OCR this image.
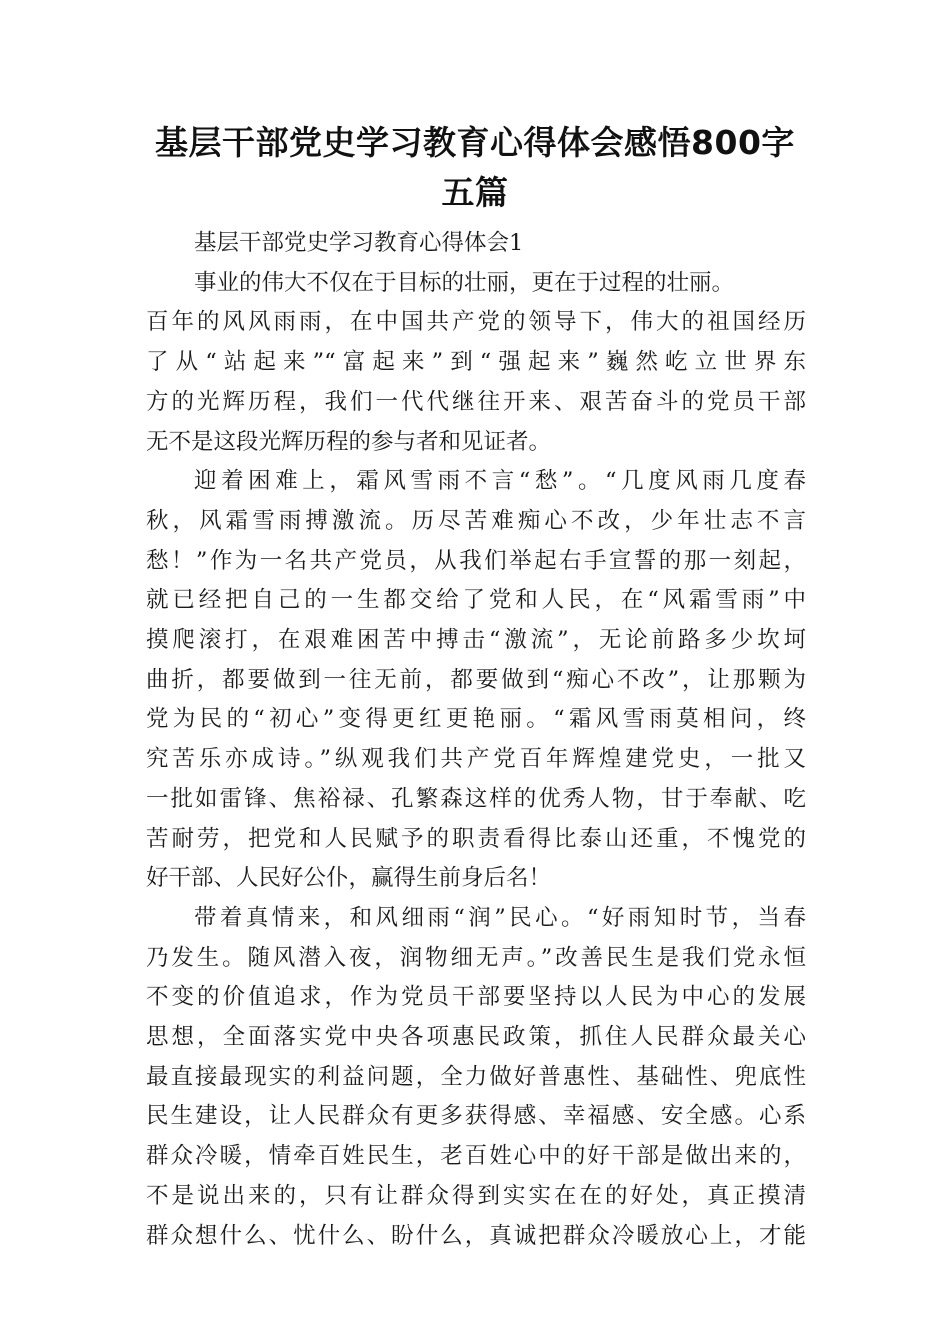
基层干部党史学习教育心得体会感悟800字
五篇
基层干部党史学习教育心得体会1
事业的伟大不仅在于目标的壮丽，更在于过程的壮丽。
百年的风风雨雨，在中国共产党的领导下，伟大的祖国经历
了从“站起来”“富起来”到“强起来”巍然屹立世界东
方的光辉历程，我们一代代继往开来、艰苦奋斗的党员干部
无不是这段光辉历程的参与者和见证者。
迎着困难上，霜风雪雨不言“愁”。“几度风雨几度春
秋，风霜雪雨搏激流。历尽苦难痴心不改，少年壮志不言
愁！”作为一名共产党员，从我们举起右手宣誓的那一刻起，
就已经把自己的一生都交给了党和人民，在“风霜雪雨”中
摸爬滚打，在艰难困苦中搏击“激流”，无论前路多少坎坷
曲折，都要做到一往无前，都要做到“痴心不改”，让那颗为
党为民的“初心”变得更红更艳丽。“霜风雪雨莫相问，终
究苦乐亦成诗。”纵观我们共产党百年辉煌建党史，一批又
一批如雷锋、焦裕禄、孔繁森这样的优秀人物，甘于奉献、吃
苦耐劳，把党和人民赋予的职责看得比泰山还重，不愧党的
好干部、人民好公仆，赢得生前身后名！
带着真情来，和风细雨“润”民心。“好雨知时节，当春
乃发生。随风潜入夜，润物细无声。”改善民生是我们党永恒
不变的价值追求，作为党员干部要坚持以人民为中心的发展
思想，全面落实党中央各项惠民政策，抓住人民群众最关心
最直接最现实的利益问题，全力做好普惠性、基础性、兜底性
民生建设，让人民群众有更多获得感、幸福感、安全感。心系
群众冷暖，情牵百姓民生，老百姓心中的好干部是做出来的，
不是说出来的，只有让群众得到实实在在的好处，真正摸清
群众想什么、忧什么、盼什么，真诚把群众冷暖放心上，才能
